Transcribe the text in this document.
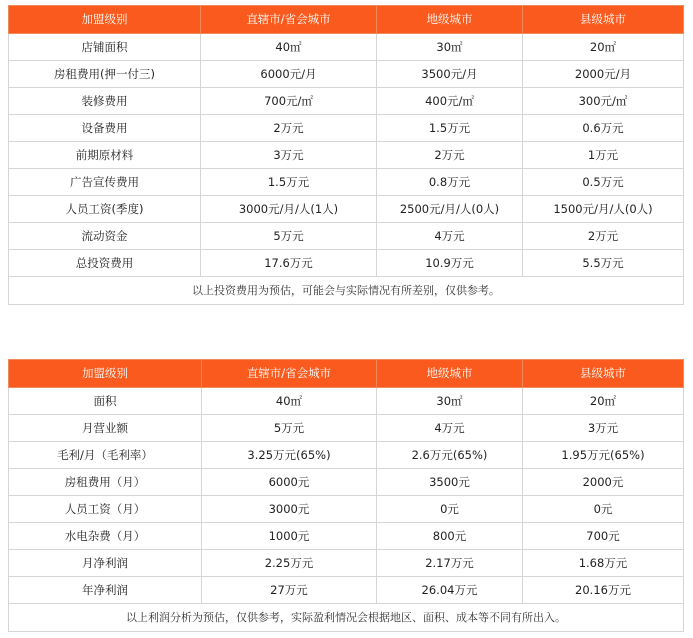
加盟级别	直辖市/省会城市	地级城市	县级城市
店铺面积	40㎡	30㎡	20㎡
房租费用(押一付三)	6000元/月	3500元/月	2000元/月
装修费用	700元/㎡	400元/㎡	300元/㎡
设备费用	2万元	1.5万元	0.6万元
前期原材料	3万元	2万元	1万元
广告宣传费用	1.5万元	0.8万元	0.5万元
人员工资(季度)	3000元/月/人(1人)	2500元/月/人(0人)	1500元/月/人(0人)
流动资金	5万元	4万元	2万元
总投资费用	17.6万元	10.9万元	5.5万元
以上投资费用为预估，可能会与实际情况有所差别，仅供参考。			
加盟级别	直辖市/省会城市	地级城市	县级城市
面积	40㎡	30㎡	20㎡
月营业额	5万元	4万元	3万元
毛利/月（毛利率）	3.25万元(65%)	2.6万元(65%)	1.95万元(65%)
房租费用（月）	6000元	3500元	2000元
人员工资（月）	3000元	0元	0元
水电杂费（月）	1000元	800元	700元
月净利润	2.25万元	2.17万元	1.68万元
年净利润	27万元	26.04万元	20.16万元
以上利润分析为预估，仅供参考，实际盈利情况会根据地区、面积、成本等不同有所出入。			
